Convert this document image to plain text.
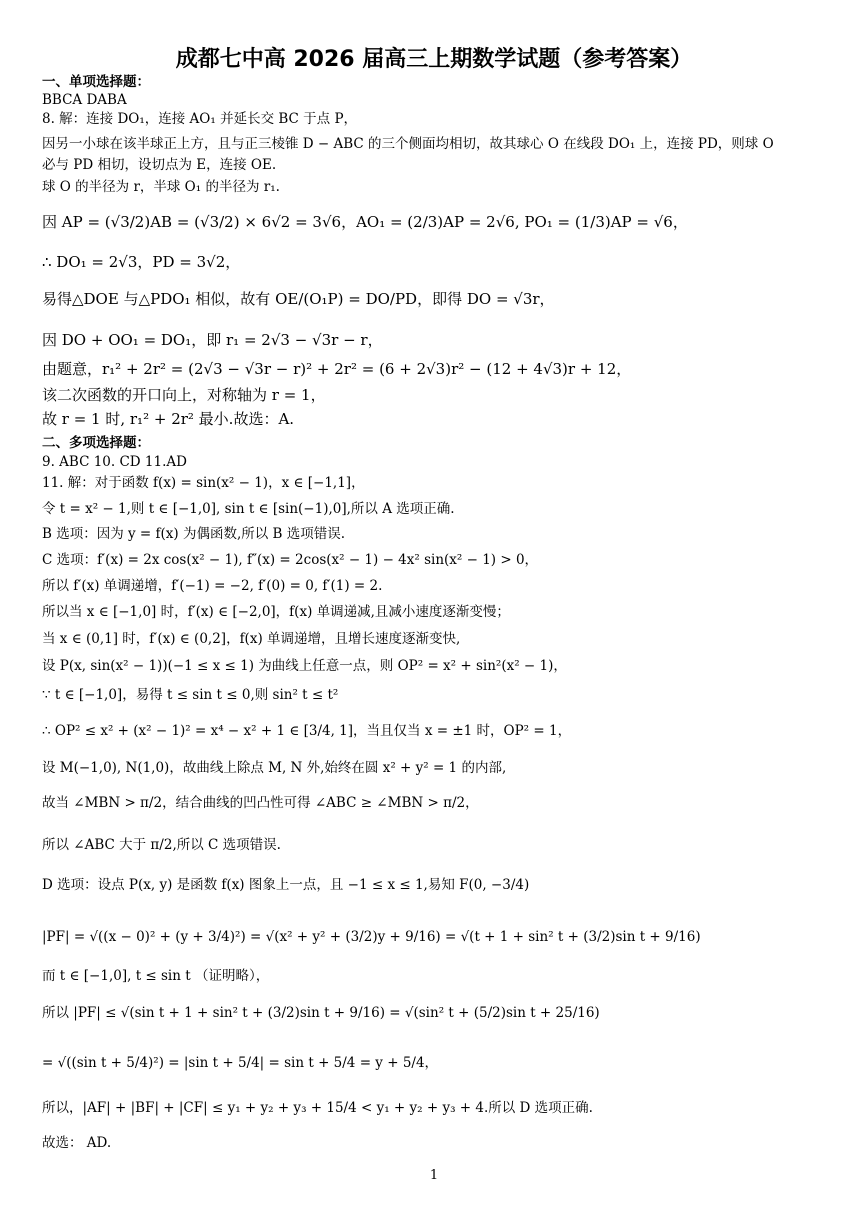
成都七中高 2026 届高三上期数学试题（参考答案）
一、单项选择题：
BBCA DABA
8. 解：连接 DO₁，连接 AO₁ 并延长交 BC 于点 P，
因另一小球在该半球正上方，且与正三棱锥 D − ABC 的三个侧面均相切，故其球心 O 在线段 DO₁ 上，连接 PD，则球 O
必与 PD 相切，设切点为 E，连接 OE.
球 O 的半径为 r，半球 O₁ 的半径为 r₁.
因 AP = (√3/2)AB = (√3/2) × 6√2 = 3√6，AO₁ = (2/3)AP = 2√6, PO₁ = (1/3)AP = √6，
∴ DO₁ = 2√3，PD = 3√2，
易得△DOE 与△PDO₁ 相似，故有 OE/(O₁P) = DO/PD，即得 DO = √3r，
因 DO + OO₁ = DO₁，即 r₁ = 2√3 − √3r − r，
由题意，r₁² + 2r² = (2√3 − √3r − r)² + 2r² = (6 + 2√3)r² − (12 + 4√3)r + 12，
该二次函数的开口向上，对称轴为 r = 1，
故 r = 1 时, r₁² + 2r² 最小.故选：A.
二、多项选择题：
9. ABC 10. CD 11.AD
11. 解：对于函数 f(x) = sin(x² − 1)，x ∈ [−1,1]，
令 t = x² − 1,则 t ∈ [−1,0], sin t ∈ [sin(−1),0],所以 A 选项正确.
B 选项：因为 y = f(x) 为偶函数,所以 B 选项错误.
C 选项：f′(x) = 2x cos(x² − 1), f″(x) = 2cos(x² − 1) − 4x² sin(x² − 1) > 0，
所以 f′(x) 单调递增，f′(−1) = −2, f′(0) = 0, f′(1) = 2.
所以当 x ∈ [−1,0] 时，f′(x) ∈ [−2,0]，f(x) 单调递减,且减小速度逐渐变慢；
当 x ∈ (0,1] 时，f′(x) ∈ (0,2]，f(x) 单调递增，且增长速度逐渐变快,
设 P(x, sin(x² − 1))(−1 ≤ x ≤ 1) 为曲线上任意一点，则 OP² = x² + sin²(x² − 1)，
∵ t ∈ [−1,0]，易得 t ≤ sin t ≤ 0,则 sin² t ≤ t²
∴ OP² ≤ x² + (x² − 1)² = x⁴ − x² + 1 ∈ [3/4, 1]，当且仅当 x = ±1 时，OP² = 1，
设 M(−1,0), N(1,0)，故曲线上除点 M, N 外,始终在圆 x² + y² = 1 的内部,
故当 ∠MBN > π/2，结合曲线的凹凸性可得 ∠ABC ≥ ∠MBN > π/2，
所以 ∠ABC 大于 π/2,所以 C 选项错误.
D 选项：设点 P(x, y) 是函数 f(x) 图象上一点，且 −1 ≤ x ≤ 1,易知 F(0, −3/4)
|PF| = √((x − 0)² + (y + 3/4)²) = √(x² + y² + (3/2)y + 9/16) = √(t + 1 + sin² t + (3/2)sin t + 9/16)
而 t ∈ [−1,0], t ≤ sin t （证明略），
所以 |PF| ≤ √(sin t + 1 + sin² t + (3/2)sin t + 9/16) = √(sin² t + (5/2)sin t + 25/16)
= √((sin t + 5/4)²) = |sin t + 5/4| = sin t + 5/4 = y + 5/4，
所以，|AF| + |BF| + |CF| ≤ y₁ + y₂ + y₃ + 15/4 < y₁ + y₂ + y₃ + 4.所以 D 选项正确.
故选： AD.
1
